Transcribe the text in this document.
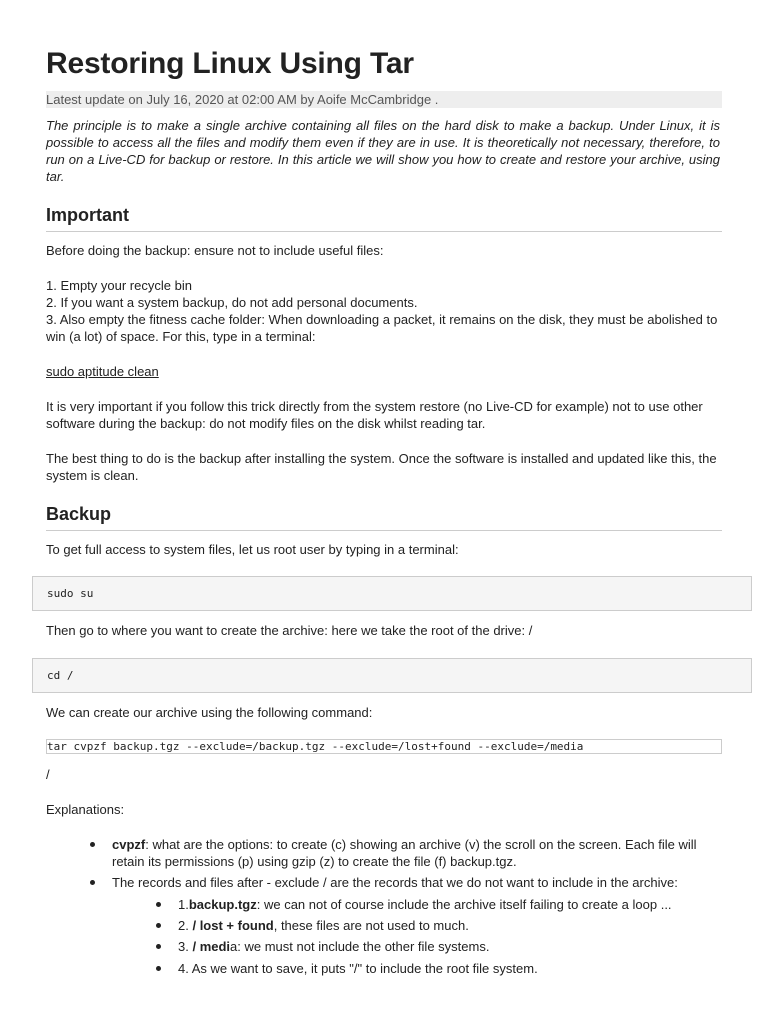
Restoring Linux Using Tar
Latest update on July 16, 2020 at 02:00 AM by Aoife McCambridge .

The principle is to make a single archive containing all files on the hard disk to make a backup. Under Linux, it is possible to access all the files and modify them even if they are in use. It is theoretically not necessary, therefore, to run on a Live-CD for backup or restore. In this article we will show you how to create and restore your archive, using tar.

Important

Before doing the backup: ensure not to include useful files:

1. Empty your recycle bin

2. If you want a system backup, do not add personal documents.

3. Also empty the fitness cache folder: When downloading a packet, it remains on the disk, they must be abolished to win (a lot) of space. For this, type in a terminal:

sudo aptitude clean

It is very important if you follow this trick directly from the system restore (no Live-CD for example) not to use other software during the backup: do not modify files on the disk whilst reading tar.

The best thing to do is the backup after installing the system. Once the software is installed and updated like this, the system is clean.

Backup

To get full access to system files, let us root user by typing in a terminal:

sudo su

Then go to where you want to create the archive: here we take the root of the drive: /

cd /

We can create our archive using the following command:

tar cvpzf backup.tgz --exclude=/backup.tgz --exclude=/lost+found --exclude=/media

/

Explanations:

cvpzf: what are the options: to create (c) showing an archive (v) the scroll on the screen. Each file will retain its permissions (p) using gzip (z) to create the file (f) backup.tgz.
The records and files after - exclude / are the records that we do not want to include in the archive:
1.backup.tgz: we can not of course include the archive itself failing to create a loop ...
2. / lost + found, these files are not used to much.
3. / media: we must not include the other file systems.
4. As we want to save, it puts "/" to include the root file system.
